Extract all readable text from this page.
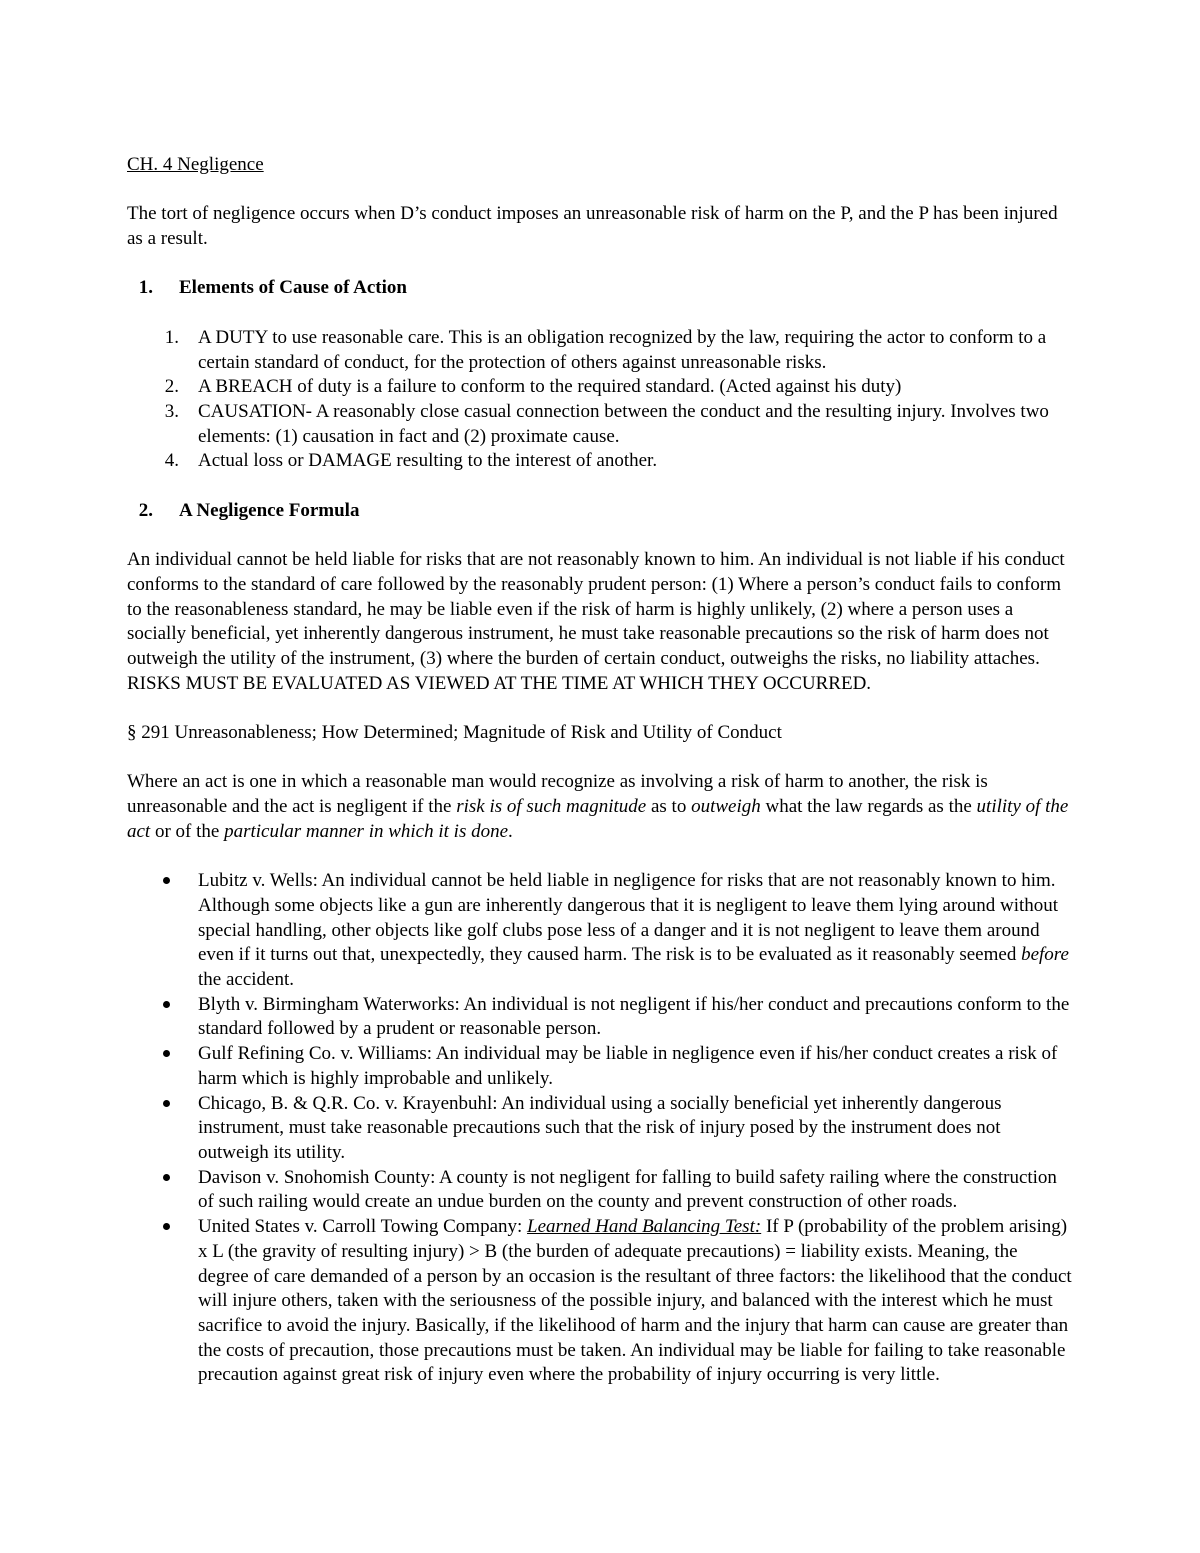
CH. 4 Negligence

The tort of negligence occurs when D’s conduct imposes an unreasonable risk of harm on the P, and the P has been injured as a result.

1.	Elements of Cause of Action
1.	A DUTY to use reasonable care. This is an obligation recognized by the law, requiring the actor to conform to a certain standard of conduct, for the protection of others against unreasonable risks.
2.	A BREACH of duty is a failure to conform to the required standard. (Acted against his duty)
3.	CAUSATION- A reasonably close casual connection between the conduct and the resulting injury. Involves two elements: (1) causation in fact and (2) proximate cause.
4.	Actual loss or DAMAGE resulting to the interest of another.
2.	A Negligence Formula

An individual cannot be held liable for risks that are not reasonably known to him. An individual is not liable if his conduct conforms to the standard of care followed by the reasonably prudent person: (1) Where a person’s conduct fails to conform to the reasonableness standard, he may be liable even if the risk of harm is highly unlikely, (2) where a person uses a socially beneficial, yet inherently dangerous instrument, he must take reasonable precautions so the risk of harm does not outweigh the utility of the instrument, (3) where the burden of certain conduct, outweighs the risks, no liability attaches. RISKS MUST BE EVALUATED AS VIEWED AT THE TIME AT WHICH THEY OCCURRED.

§ 291 Unreasonableness; How Determined; Magnitude of Risk and Utility of Conduct

Where an act is one in which a reasonable man would recognize as involving a risk of harm to another, the risk is unreasonable and the act is negligent if the risk is of such magnitude as to outweigh what the law regards as the utility of the act or of the particular manner in which it is done.

Lubitz v. Wells: An individual cannot be held liable in negligence for risks that are not reasonably known to him. Although some objects like a gun are inherently dangerous that it is negligent to leave them lying around without special handling, other objects like golf clubs pose less of a danger and it is not negligent to leave them around even if it turns out that, unexpectedly, they caused harm. The risk is to be evaluated as it reasonably seemed before the accident.
Blyth v. Birmingham Waterworks: An individual is not negligent if his/her conduct and precautions conform to the standard followed by a prudent or reasonable person.
Gulf Refining Co. v. Williams: An individual may be liable in negligence even if his/her conduct creates a risk of harm which is highly improbable and unlikely.
Chicago, B. & Q.R. Co. v. Krayenbuhl: An individual using a socially beneficial yet inherently dangerous instrument, must take reasonable precautions such that the risk of injury posed by the instrument does not outweigh its utility.
Davison v. Snohomish County: A county is not negligent for falling to build safety railing where the construction of such railing would create an undue burden on the county and prevent construction of other roads.
United States v. Carroll Towing Company: Learned Hand Balancing Test: If P (probability of the problem arising) x L (the gravity of resulting injury) > B (the burden of adequate precautions) = liability exists. Meaning, the degree of care demanded of a person by an occasion is the resultant of three factors: the likelihood that the conduct will injure others, taken with the seriousness of the possible injury, and balanced with the interest which he must sacrifice to avoid the injury. Basically, if the likelihood of harm and the injury that harm can cause are greater than the costs of precaution, those precautions must be taken. An individual may be liable for failing to take reasonable precaution against great risk of injury even where the probability of injury occurring is very little.
